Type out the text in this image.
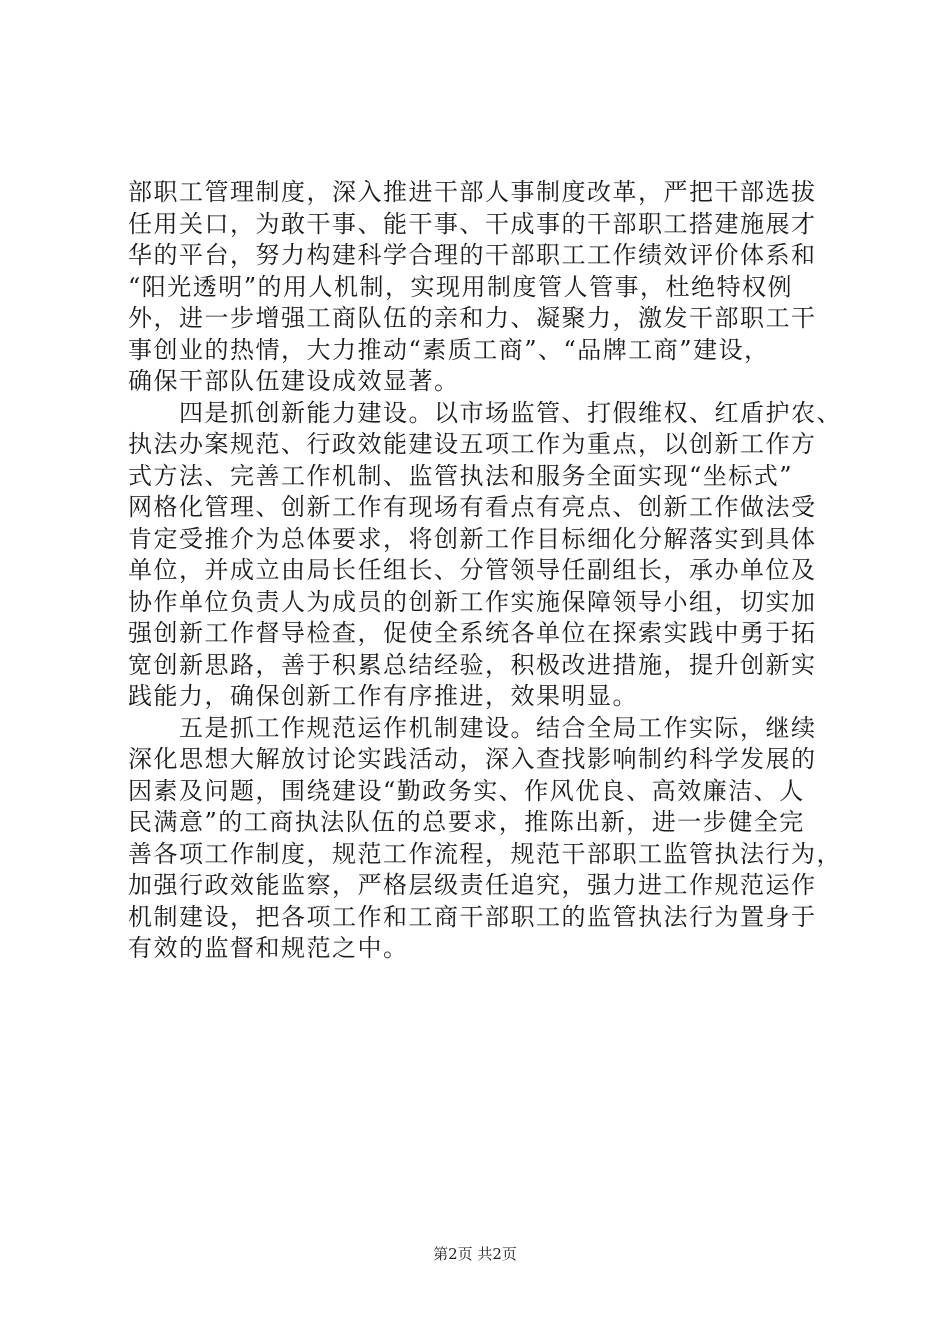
部职工管理制度，深入推进干部人事制度改革，严把干部选拔
任用关口，为敢干事、能干事、干成事的干部职工搭建施展才
华的平台，努力构建科学合理的干部职工工作绩效评价体系和
“阳光透明”的用人机制，实现用制度管人管事，杜绝特权例
外，进一步增强工商队伍的亲和力、凝聚力，激发干部职工干
事创业的热情，大力推动“素质工商”、“品牌工商”建设，
确保干部队伍建设成效显著。
　　四是抓创新能力建设。以市场监管、打假维权、红盾护农、
执法办案规范、行政效能建设五项工作为重点，以创新工作方
式方法、完善工作机制、监管执法和服务全面实现“坐标式”
网格化管理、创新工作有现场有看点有亮点、创新工作做法受
肯定受推介为总体要求，将创新工作目标细化分解落实到具体
单位，并成立由局长任组长、分管领导任副组长，承办单位及
协作单位负责人为成员的创新工作实施保障领导小组，切实加
强创新工作督导检查，促使全系统各单位在探索实践中勇于拓
宽创新思路，善于积累总结经验，积极改进措施，提升创新实
践能力，确保创新工作有序推进，效果明显。
　　五是抓工作规范运作机制建设。结合全局工作实际，继续
深化思想大解放讨论实践活动，深入查找影响制约科学发展的
因素及问题，围绕建设“勤政务实、作风优良、高效廉洁、人
民满意”的工商执法队伍的总要求，推陈出新，进一步健全完
善各项工作制度，规范工作流程，规范干部职工监管执法行为，
加强行政效能监察，严格层级责任追究，强力进工作规范运作
机制建设，把各项工作和工商干部职工的监管执法行为置身于
有效的监督和规范之中。
第2页 共2页
